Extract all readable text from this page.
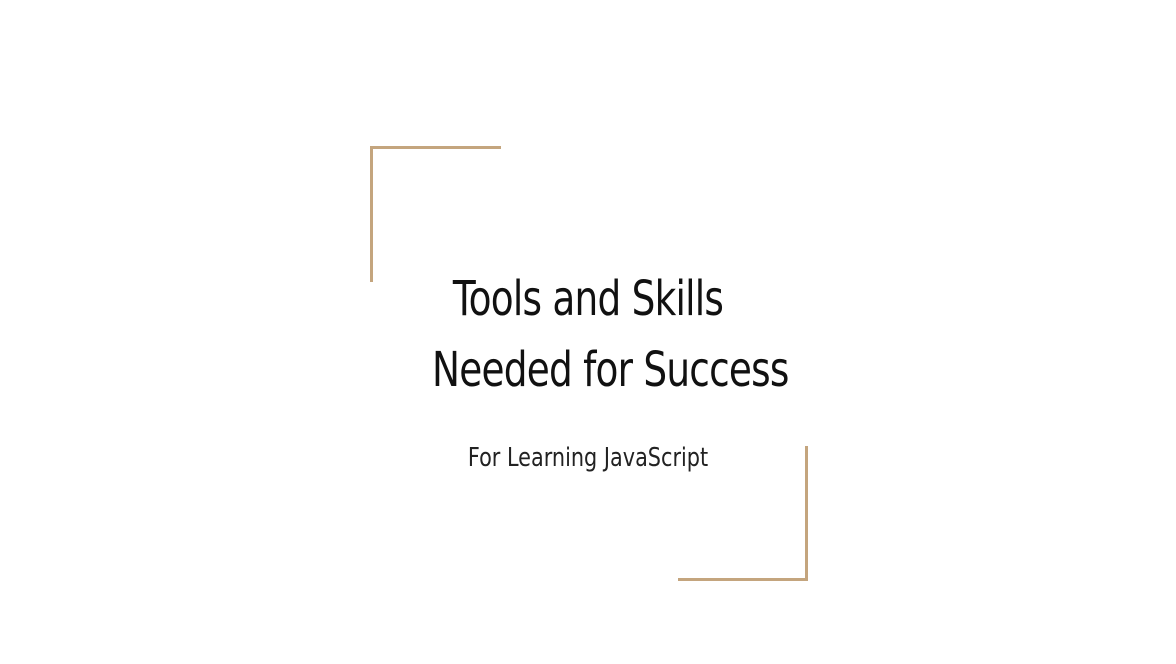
Tools and Skills
Needed for Success
For Learning JavaScript
